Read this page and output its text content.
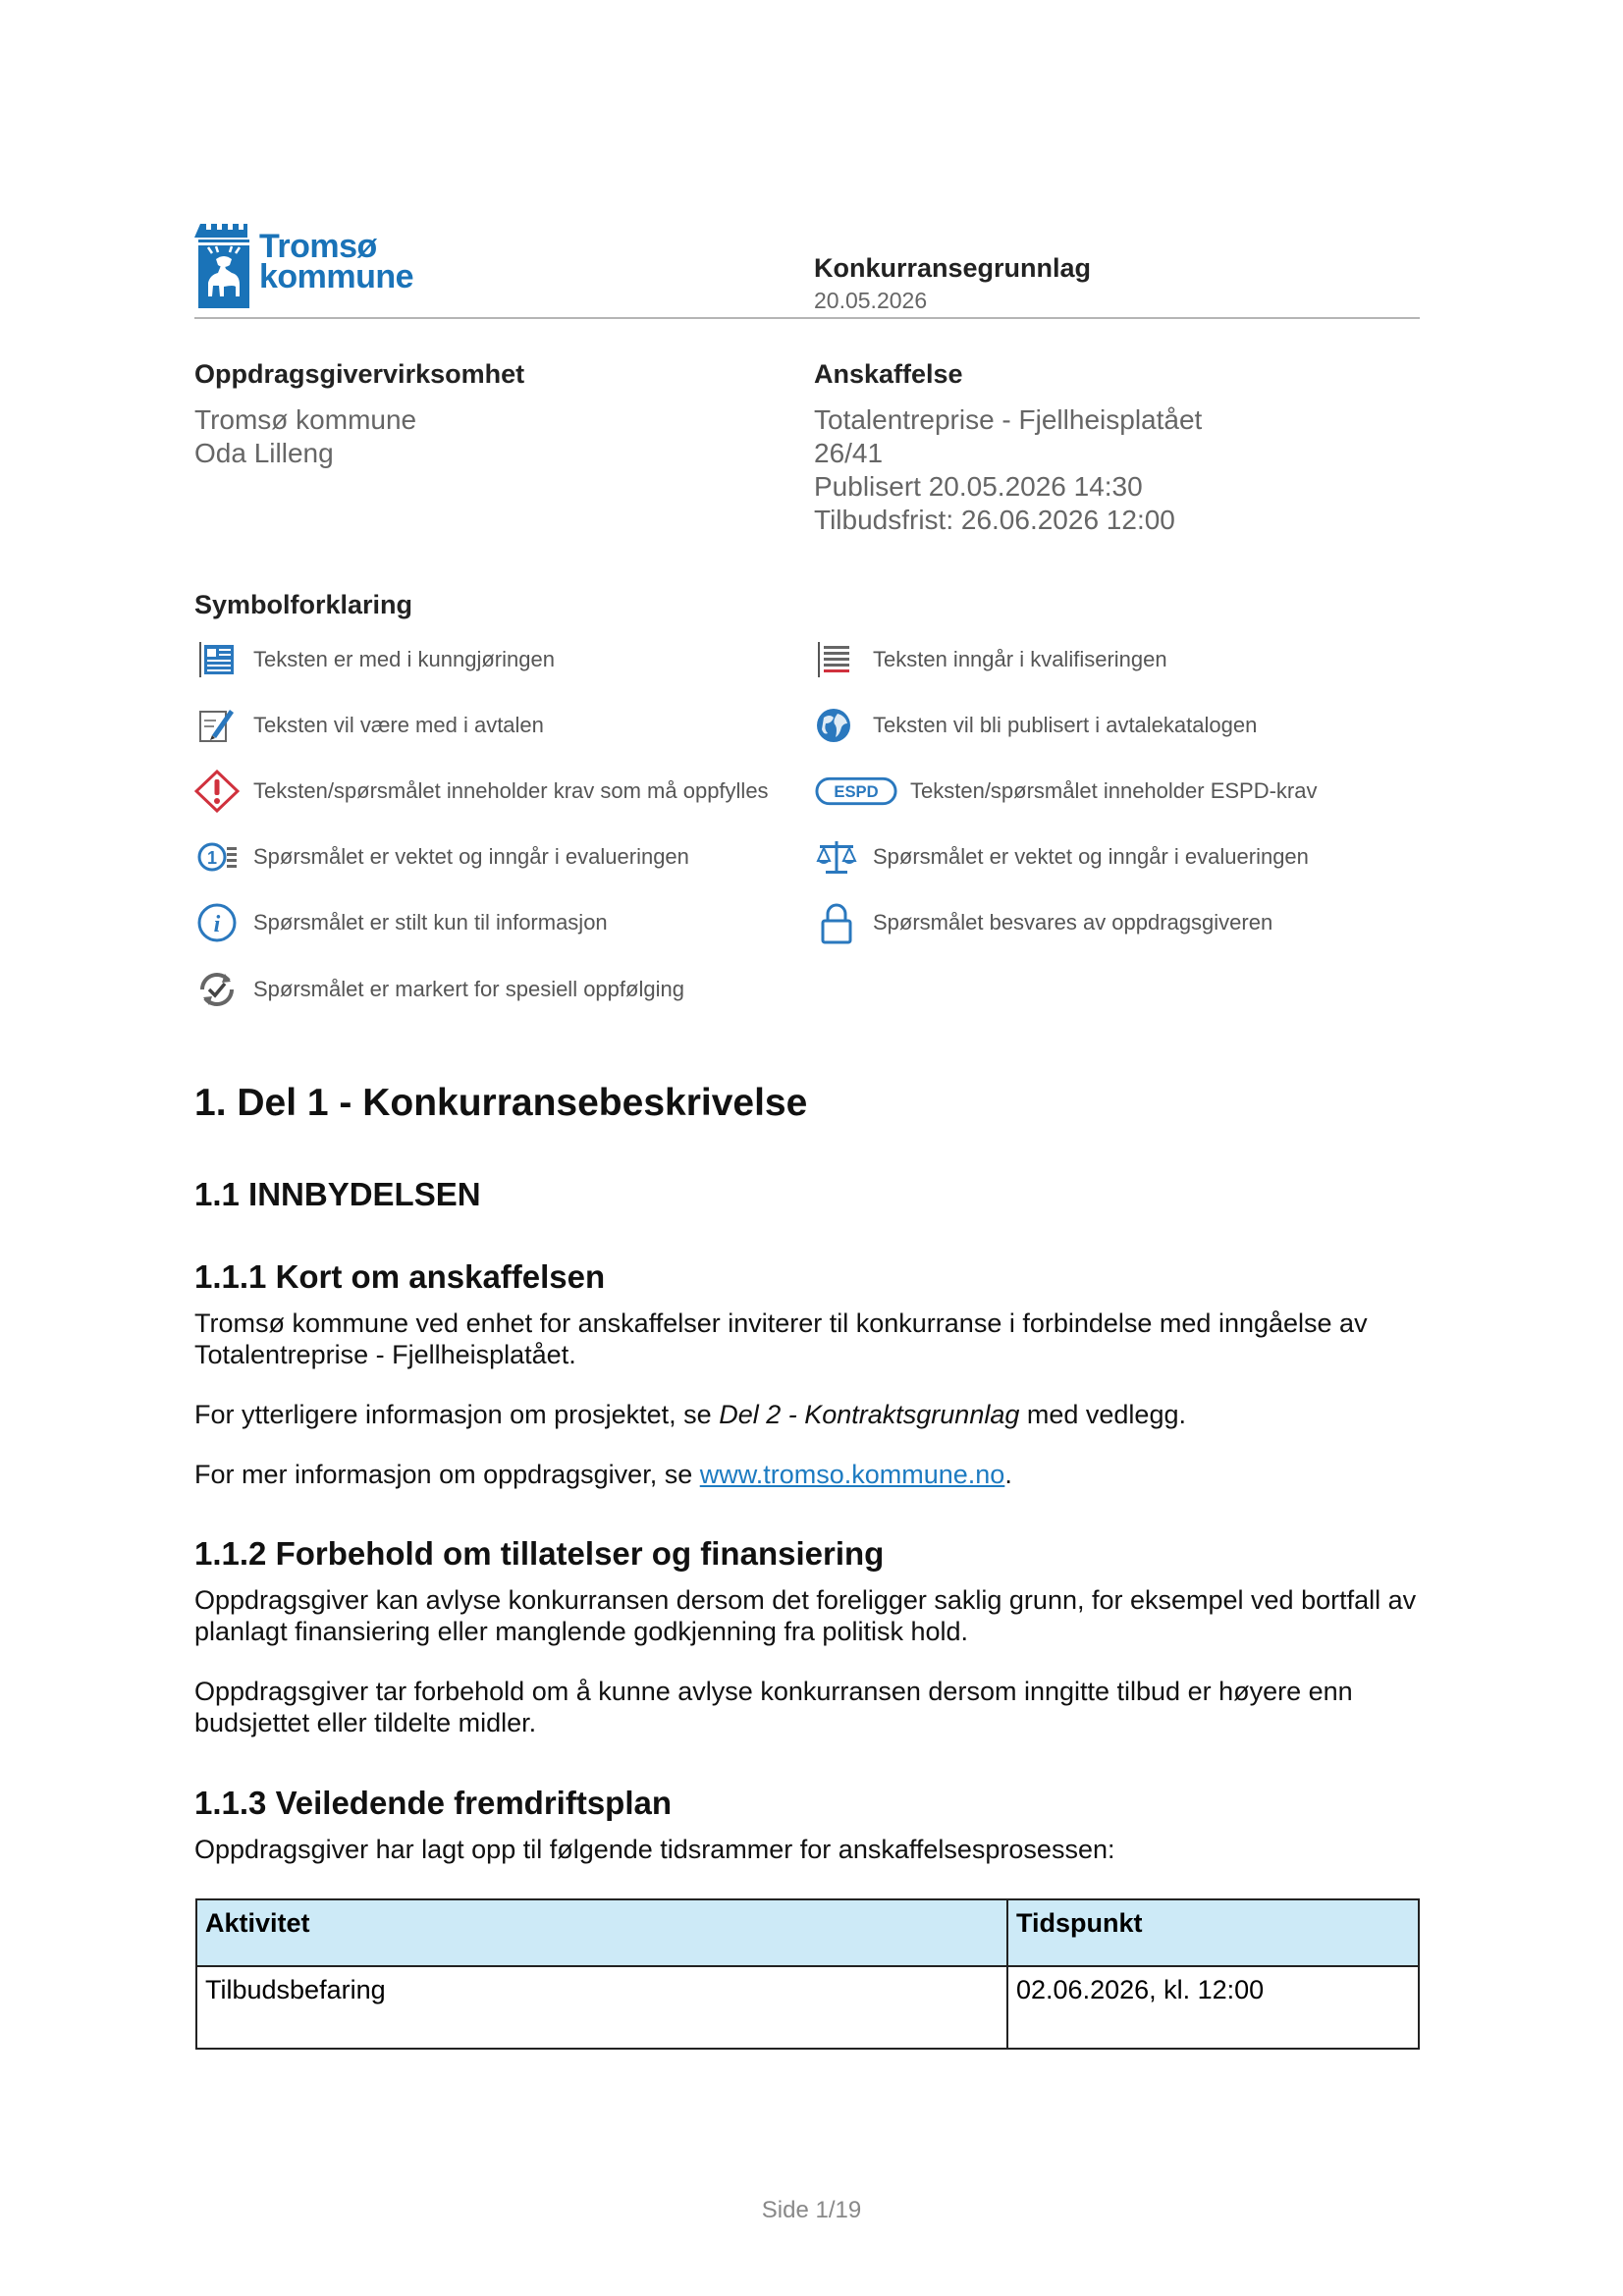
Tromsø
kommune	Konkurransegrunnlag
20.05.2026
Oppdragsgivervirksomhet
Tromsø kommune
Oda Lilleng
Anskaffelse
Totalentreprise - Fjellheisplatået
26/41
Publisert 20.05.2026 14:30
Tilbudsfrist: 26.06.2026 12:00
Symbolforklaring
Teksten er med i kunngjøringen	Teksten inngår i kvalifiseringen
Teksten vil være med i avtalen	Teksten vil bli publisert i avtalekatalogen
Teksten/spørsmålet inneholder krav som må oppfylles	ESPD Teksten/spørsmålet inneholder ESPD-krav
1 Spørsmålet er vektet og inngår i evalueringen	Spørsmålet er vektet og inngår i evalueringen
i Spørsmålet er stilt kun til informasjon	Spørsmålet besvares av oppdragsgiveren
Spørsmålet er markert for spesiell oppfølging
1. Del 1 - Konkurransebeskrivelse
1.1 INNBYDELSEN
1.1.1 Kort om anskaffelsen
Tromsø kommune ved enhet for anskaffelser inviterer til konkurranse i forbindelse med inngåelse av Totalentreprise - Fjellheisplatået.
For ytterligere informasjon om prosjektet, se Del 2 - Kontraktsgrunnlag med vedlegg.
For mer informasjon om oppdragsgiver, se www.tromso.kommune.no.
1.1.2 Forbehold om tillatelser og finansiering
Oppdragsgiver kan avlyse konkurransen dersom det foreligger saklig grunn, for eksempel ved bortfall av planlagt finansiering eller manglende godkjenning fra politisk hold.
Oppdragsgiver tar forbehold om å kunne avlyse konkurransen dersom inngitte tilbud er høyere enn budsjettet eller tildelte midler.
1.1.3 Veiledende fremdriftsplan
Oppdragsgiver har lagt opp til følgende tidsrammer for anskaffelsesprosessen:
Aktivitet	Tidspunkt
Tilbudsbefaring	02.06.2026, kl. 12:00
Side 1/19
